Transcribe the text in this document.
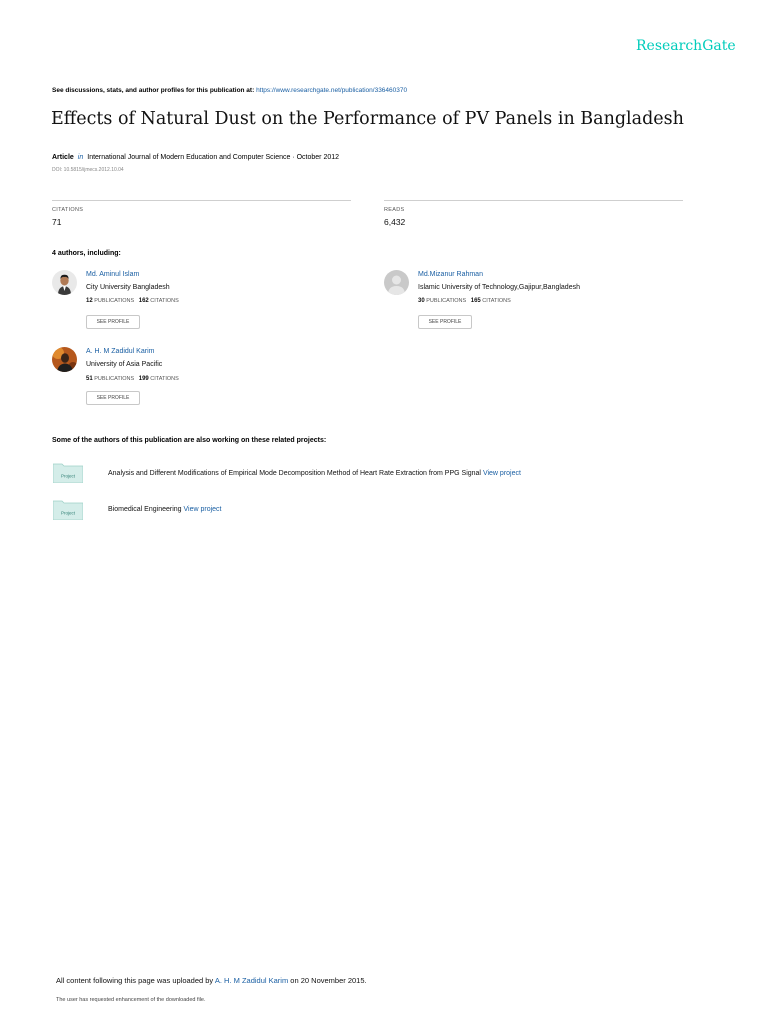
ResearchGate
See discussions, stats, and author profiles for this publication at: https://www.researchgate.net/publication/336460370
Effects of Natural Dust on the Performance of PV Panels in Bangladesh
Article in International Journal of Modern Education and Computer Science · October 2012
DOI: 10.5815/ijmecs.2012.10.04
CITATIONS
71
READS
6,432
4 authors, including:
Md. Aminul Islam
City University Bangladesh
12 PUBLICATIONS 162 CITATIONS
SEE PROFILE
Md.Mizanur Rahman
Islamic University of Technology,Gajipur,Bangladesh
30 PUBLICATIONS 165 CITATIONS
SEE PROFILE
A. H. M Zadidul Karim
University of Asia Pacific
51 PUBLICATIONS 199 CITATIONS
SEE PROFILE
Some of the authors of this publication are also working on these related projects:
Project	Analysis and Different Modifications of Empirical Mode Decomposition Method of Heart Rate Extraction from PPG Signal View project
Project	Biomedical Engineering View project
All content following this page was uploaded by A. H. M Zadidul Karim on 20 November 2015.
The user has requested enhancement of the downloaded file.
